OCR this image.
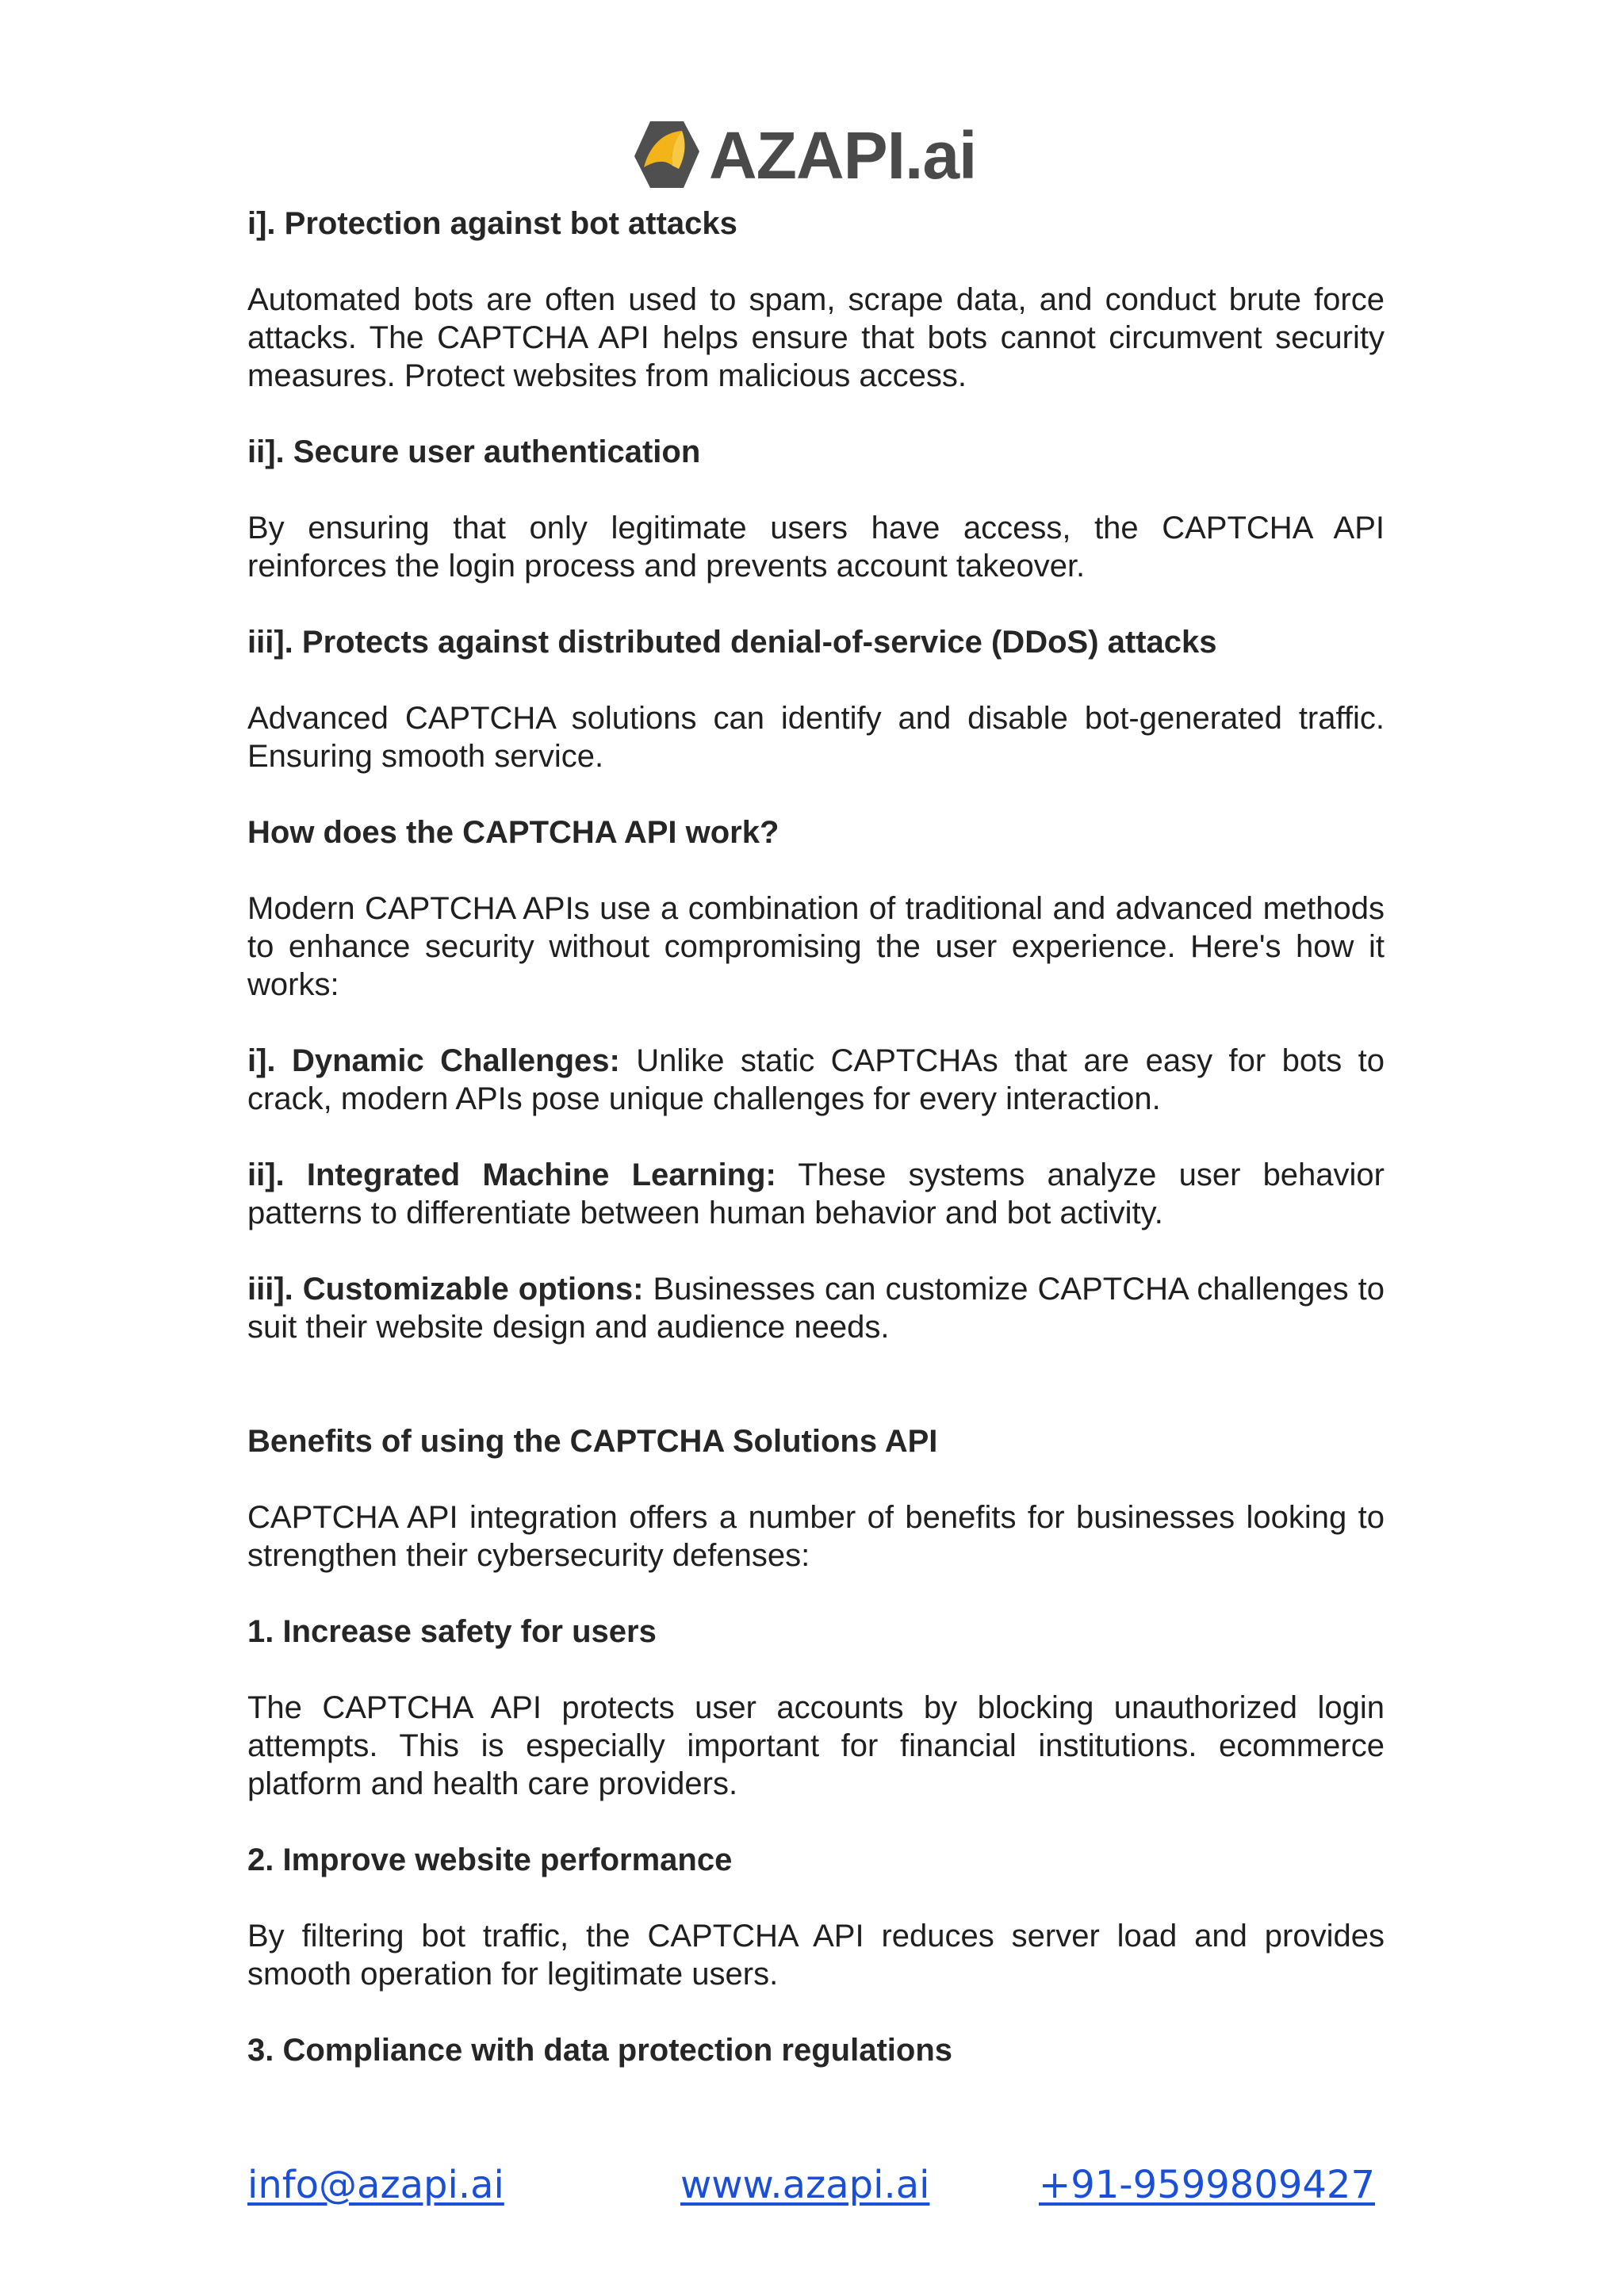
AZAPI.ai
i]. Protection against bot attacks

Automated bots are often used to spam, scrape data, and conduct brute force attacks. The CAPTCHA API helps ensure that bots cannot circumvent security measures. Protect websites from malicious access.

ii]. Secure user authentication

By ensuring that only legitimate users have access, the CAPTCHA API reinforces the login process and prevents account takeover.

iii]. Protects against distributed denial-of-service (DDoS) attacks

Advanced CAPTCHA solutions can identify and disable bot-generated traffic. Ensuring smooth service.

How does the CAPTCHA API work?

Modern CAPTCHA APIs use a combination of traditional and advanced methods to enhance security without compromising the user experience. Here's how it works:

i]. Dynamic Challenges: Unlike static CAPTCHAs that are easy for bots to crack, modern APIs pose unique challenges for every interaction.

ii]. Integrated Machine Learning: These systems analyze user behavior patterns to differentiate between human behavior and bot activity.

iii]. Customizable options: Businesses can customize CAPTCHA challenges to suit their website design and audience needs.

Benefits of using the CAPTCHA Solutions API

CAPTCHA API integration offers a number of benefits for businesses looking to strengthen their cybersecurity defenses:

1. Increase safety for users

The CAPTCHA API protects user accounts by blocking unauthorized login attempts. This is especially important for financial institutions. ecommerce platform and health care providers.

2. Improve website performance

By filtering bot traffic, the CAPTCHA API reduces server load and provides smooth operation for legitimate users.

3. Compliance with data protection regulations
info@azapi.ai	www.azapi.ai	+91-9599809427
